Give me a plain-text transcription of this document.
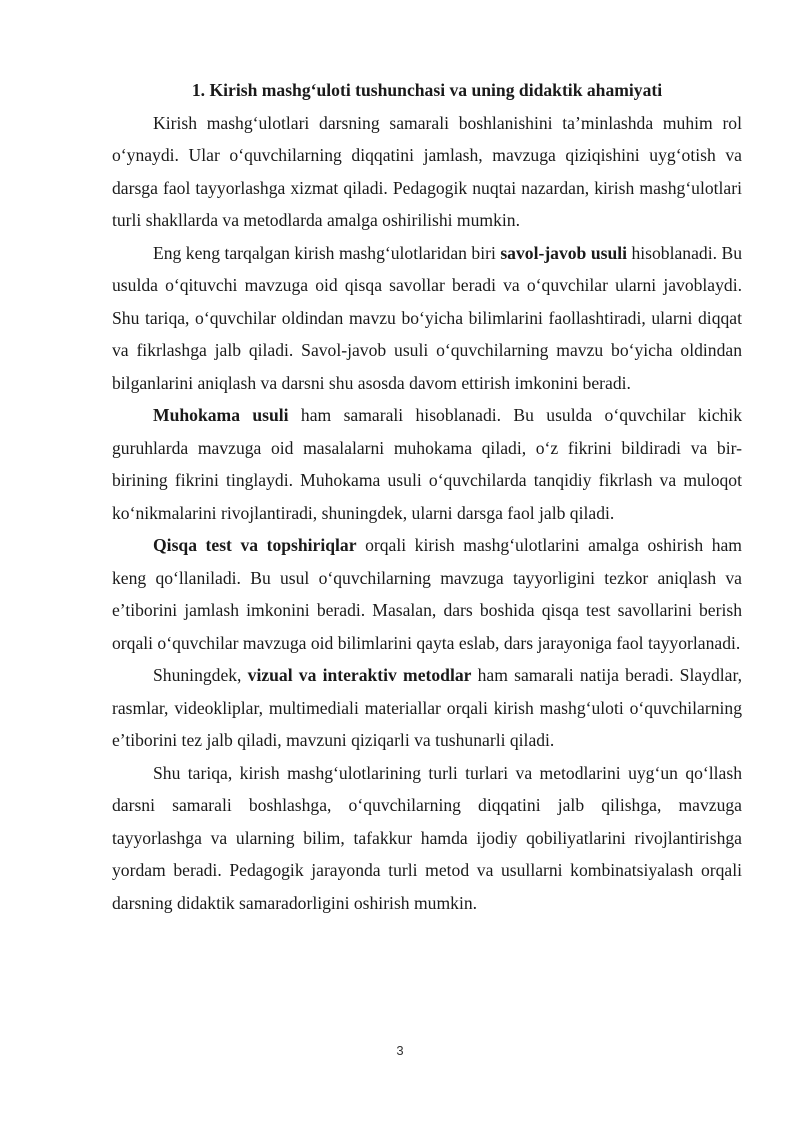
1. Kirish mashg‘uloti tushunchasi va uning didaktik ahamiyati

Kirish mashg‘ulotlari darsning samarali boshlanishini ta’minlashda muhim rol o‘ynaydi. Ular o‘quvchilarning diqqatini jamlash, mavzuga qiziqishini uyg‘otish va darsga faol tayyorlashga xizmat qiladi. Pedagogik nuqtai nazardan, kirish mashg‘ulotlari turli shakllarda va metodlarda amalga oshirilishi mumkin.

Eng keng tarqalgan kirish mashg‘ulotlaridan biri savol-javob usuli hisoblanadi. Bu usulda o‘qituvchi mavzuga oid qisqa savollar beradi va o‘quvchilar ularni javoblaydi. Shu tariqa, o‘quvchilar oldindan mavzu bo‘yicha bilimlarini faollashtiradi, ularni diqqat va fikrlashga jalb qiladi. Savol-javob usuli o‘quvchilarning mavzu bo‘yicha oldindan bilganlarini aniqlash va darsni shu asosda davom ettirish imkonini beradi.

Muhokama usuli ham samarali hisoblanadi. Bu usulda o‘quvchilar kichik guruhlarda mavzuga oid masalalarni muhokama qiladi, o‘z fikrini bildiradi va bir-birining fikrini tinglaydi. Muhokama usuli o‘quvchilarda tanqidiy fikrlash va muloqot ko‘nikmalarini rivojlantiradi, shuningdek, ularni darsga faol jalb qiladi.

Qisqa test va topshiriqlar orqali kirish mashg‘ulotlarini amalga oshirish ham keng qo‘llaniladi. Bu usul o‘quvchilarning mavzuga tayyorligini tezkor aniqlash va e’tiborini jamlash imkonini beradi. Masalan, dars boshida qisqa test savollarini berish orqali o‘quvchilar mavzuga oid bilimlarini qayta eslab, dars jarayoniga faol tayyorlanadi.

Shuningdek, vizual va interaktiv metodlar ham samarali natija beradi. Slaydlar, rasmlar, videokliplar, multimediali materiallar orqali kirish mashg‘uloti o‘quvchilarning e’tiborini tez jalb qiladi, mavzuni qiziqarli va tushunarli qiladi.

Shu tariqa, kirish mashg‘ulotlarining turli turlari va metodlarini uyg‘un qo‘llash darsni samarali boshlashga, o‘quvchilarning diqqatini jalb qilishga, mavzuga tayyorlashga va ularning bilim, tafakkur hamda ijodiy qobiliyatlarini rivojlantirishga yordam beradi. Pedagogik jarayonda turli metod va usullarni kombinatsiyalash orqali darsning didaktik samaradorligini oshirish mumkin.

3
